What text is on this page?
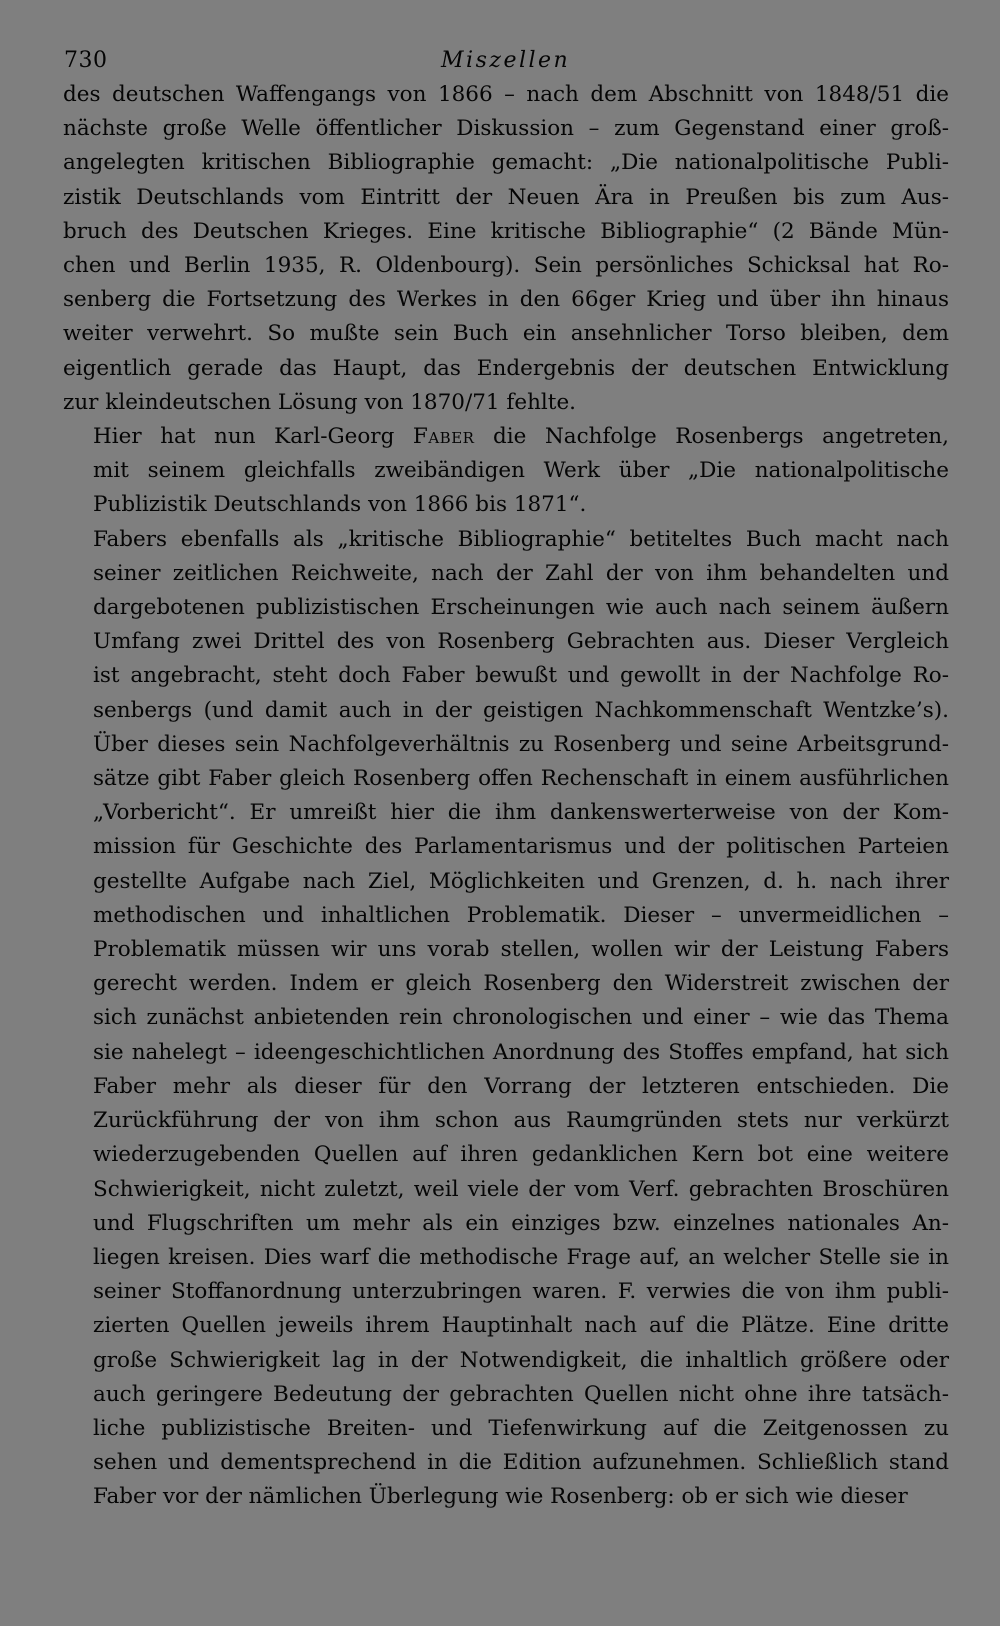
730	Miszellen

des deutschen Waffengangs von 1866 – nach dem Abschnitt von 1848/51 die
nächste große Welle öffentlicher Diskussion – zum Gegenstand einer groß-
angelegten kritischen Bibliographie gemacht: „Die nationalpolitische Publi-
zistik Deutschlands vom Eintritt der Neuen Ära in Preußen bis zum Aus-
bruch des Deutschen Krieges. Eine kritische Bibliographie“ (2 Bände Mün-
chen und Berlin 1935, R. Oldenbourg). Sein persönliches Schicksal hat Ro-
senberg die Fortsetzung des Werkes in den 66ger Krieg und über ihn hinaus
weiter verwehrt. So mußte sein Buch ein ansehnlicher Torso bleiben, dem
eigentlich gerade das Haupt, das Endergebnis der deutschen Entwicklung
zur kleindeutschen Lösung von 1870/71 fehlte.

Hier hat nun Karl-Georg Faber die Nachfolge Rosenbergs angetreten,
mit seinem gleichfalls zweibändigen Werk über „Die nationalpolitische
Publizistik Deutschlands von 1866 bis 1871“.

Fabers ebenfalls als „kritische Bibliographie“ betiteltes Buch macht nach
seiner zeitlichen Reichweite, nach der Zahl der von ihm behandelten und
dargebotenen publizistischen Erscheinungen wie auch nach seinem äußern
Umfang zwei Drittel des von Rosenberg Gebrachten aus. Dieser Vergleich
ist angebracht, steht doch Faber bewußt und gewollt in der Nachfolge Ro-
senbergs (und damit auch in der geistigen Nachkommenschaft Wentzke’s).
Über dieses sein Nachfolgeverhältnis zu Rosenberg und seine Arbeitsgrund-
sätze gibt Faber gleich Rosenberg offen Rechenschaft in einem ausführlichen
„Vorbericht“. Er umreißt hier die ihm dankenswerterweise von der Kom-
mission für Geschichte des Parlamentarismus und der politischen Parteien
gestellte Aufgabe nach Ziel, Möglichkeiten und Grenzen, d. h. nach ihrer
methodischen und inhaltlichen Problematik. Dieser – unvermeidlichen –
Problematik müssen wir uns vorab stellen, wollen wir der Leistung Fabers
gerecht werden. Indem er gleich Rosenberg den Widerstreit zwischen der
sich zunächst anbietenden rein chronologischen und einer – wie das Thema
sie nahelegt – ideengeschichtlichen Anordnung des Stoffes empfand, hat sich
Faber mehr als dieser für den Vorrang der letzteren entschieden. Die
Zurückführung der von ihm schon aus Raumgründen stets nur verkürzt
wiederzugebenden Quellen auf ihren gedanklichen Kern bot eine weitere
Schwierigkeit, nicht zuletzt, weil viele der vom Verf. gebrachten Broschüren
und Flugschriften um mehr als ein einziges bzw. einzelnes nationales An-
liegen kreisen. Dies warf die methodische Frage auf, an welcher Stelle sie in
seiner Stoffanordnung unterzubringen waren. F. verwies die von ihm publi-
zierten Quellen jeweils ihrem Hauptinhalt nach auf die Plätze. Eine dritte
große Schwierigkeit lag in der Notwendigkeit, die inhaltlich größere oder
auch geringere Bedeutung der gebrachten Quellen nicht ohne ihre tatsäch-
liche publizistische Breiten- und Tiefenwirkung auf die Zeitgenossen zu
sehen und dementsprechend in die Edition aufzunehmen. Schließlich stand
Faber vor der nämlichen Überlegung wie Rosenberg: ob er sich wie dieser
